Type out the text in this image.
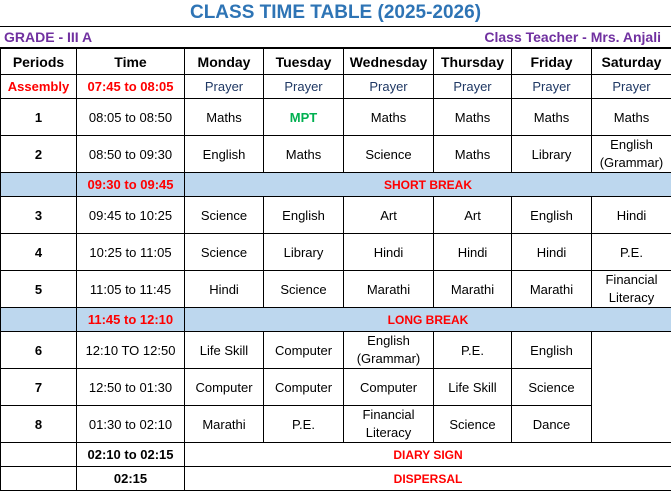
CLASS TIME TABLE (2025-2026)
GRADE - III A	Class Teacher - Mrs. Anjali
Periods	Time	Monday	Tuesday	Wednesday	Thursday	Friday	Saturday
Assembly	07:45 to 08:05	Prayer	Prayer	Prayer	Prayer	Prayer	Prayer
1	08:05 to 08:50	Maths	MPT	Maths	Maths	Maths	Maths
2	08:50 to 09:30	English	Maths	Science	Maths	Library	English (Grammar)

	09:30 to 09:45	SHORT BREAK					
3	09:45 to 10:25	Science	English	Art	Art	English	Hindi
4	10:25 to 11:05	Science	Library	Hindi	Hindi	Hindi	P.E.
5	11:05 to 11:45	Hindi	Science	Marathi	Marathi	Marathi	Financial Literacy

	11:45 to 12:10	LONG BREAK					
6	12:10 TO 12:50	Life Skill	Computer	English (Grammar)	P.E.	English	
7	12:50 to 01:30	Computer	Computer	Computer	Life Skill	Science	
8	01:30 to 02:10	Marathi	P.E.	Financial Literacy	Science	Dance	
	02:10 to 02:15	DIARY SIGN					
	02:15	DISPERSAL					
